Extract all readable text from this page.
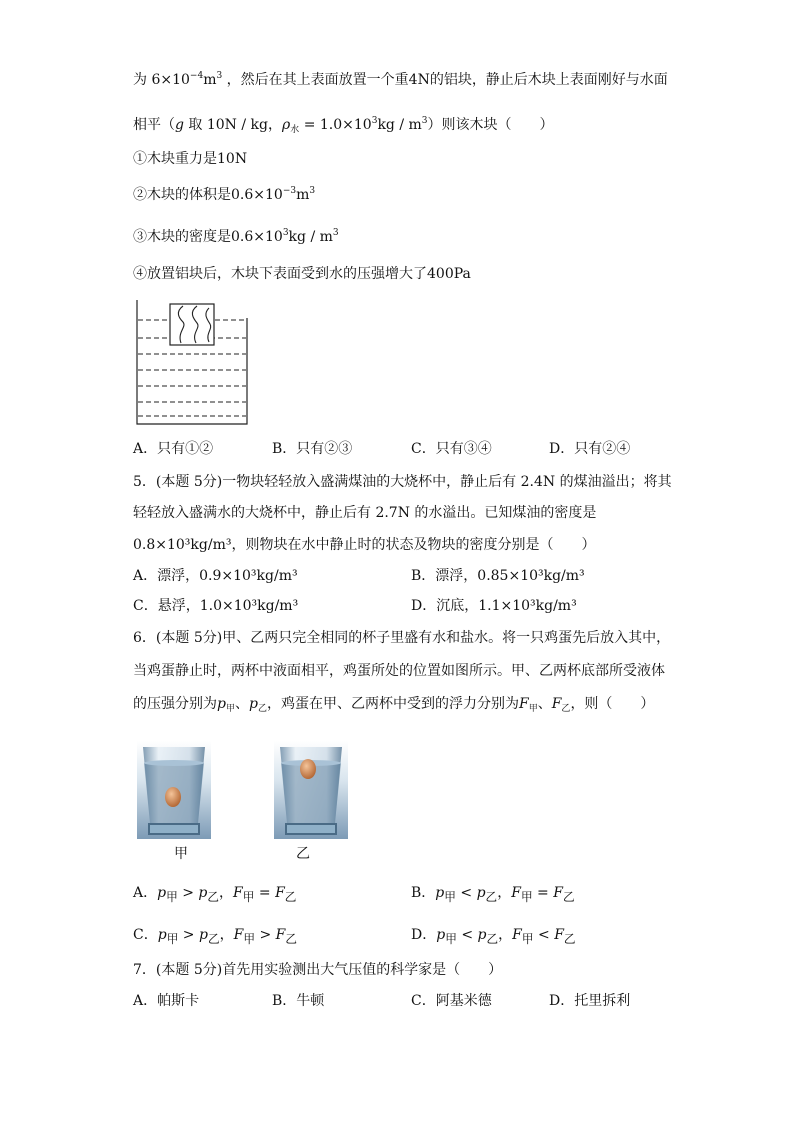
为 $6\times 10^{-4}m^3$ ，然后在其上表面放置一个重4N的铝块，静止后木块上表面刚好与水面
相平（g 取 10N / kg，$\rho_水 = 1.0\times 10^3kg / m^3$）则该木块（　　）
①木块重力是10N
②木块的体积是$0.6\times 10^{-3}m^3$
③木块的密度是$0.6\times 10^3kg / m^3$
④放置铝块后，木块下表面受到水的压强增大了400Pa
A．只有①②	B．只有②③	C．只有③④	D．只有②④
5．(本题 5分)一物块轻轻放入盛满煤油的大烧杯中，静止后有 2.4N 的煤油溢出；将其
轻轻放入盛满水的大烧杯中，静止后有 2.7N 的水溢出。已知煤油的密度是
0.8×10³kg/m³，则物块在水中静止时的状态及物块的密度分别是（　　）
A．漂浮，0.9×10³kg/m³	B．漂浮，0.85×10³kg/m³
C．悬浮，1.0×10³kg/m³	D．沉底，1.1×10³kg/m³
6．(本题 5分)甲、乙两只完全相同的杯子里盛有水和盐水。将一只鸡蛋先后放入其中，
当鸡蛋静止时，两杯中液面相平，鸡蛋所处的位置如图所示。甲、乙两杯底部所受液体
的压强分别为$p_甲$、$p_乙$，鸡蛋在甲、乙两杯中受到的浮力分别为$F_甲$、$F_乙$，则（　　）
甲	乙
A．$p_甲 > p_乙$，$F_甲 = F_乙$	B．$p_甲 < p_乙$，$F_甲 = F_乙$
C．$p_甲 > p_乙$，$F_甲 > F_乙$	D．$p_甲 < p_乙$，$F_甲 < F_乙$
7．(本题 5分)首先用实验测出大气压值的科学家是（　　）
A．帕斯卡	B．牛顿	C．阿基米德	D．托里拆利
